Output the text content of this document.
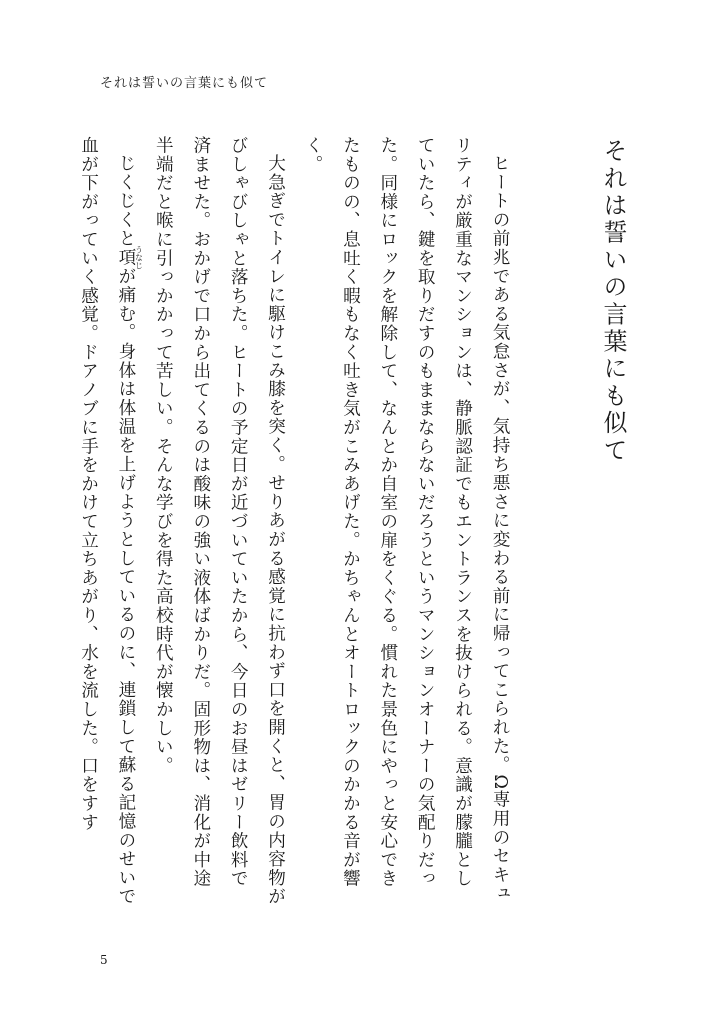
それは誓いの言葉にも似て
それは誓いの言葉にも似て

ヒートの前兆である気怠さが、気持ち悪さに変わる前に帰ってこられた。Ω専用のセキュリティが厳重なマンションは、静脈認証でもエントランスを抜けられる。意識が朦朧としていたら、鍵を取りだすのもままならないだろうというマンションオーナーの気配りだった。同様にロックを解除して、なんとか自室の扉をくぐる。慣れた景色にやっと安心できたものの、息吐く暇もなく吐き気がこみあげた。かちゃんとオートロックのかかる音が響く。

大急ぎでトイレに駆けこみ膝を突く。せりあがる感覚に抗わず口を開くと、胃の内容物がびしゃびしゃと落ちた。ヒートの予定日が近づいていたから、今日のお昼はゼリー飲料で済ませた。おかげで口から出てくるのは酸味の強い液体ばかりだ。固形物は、消化が中途半端だと喉に引っかかって苦しい。そんな学びを得た高校時代が懐かしい。

じくじくと項うなじが痛む。身体は体温を上げようとしているのに、連鎖して蘇る記憶のせいで血が下がっていく感覚。ドアノブに手をかけて立ちあがり、水を流した。口をすす

5
